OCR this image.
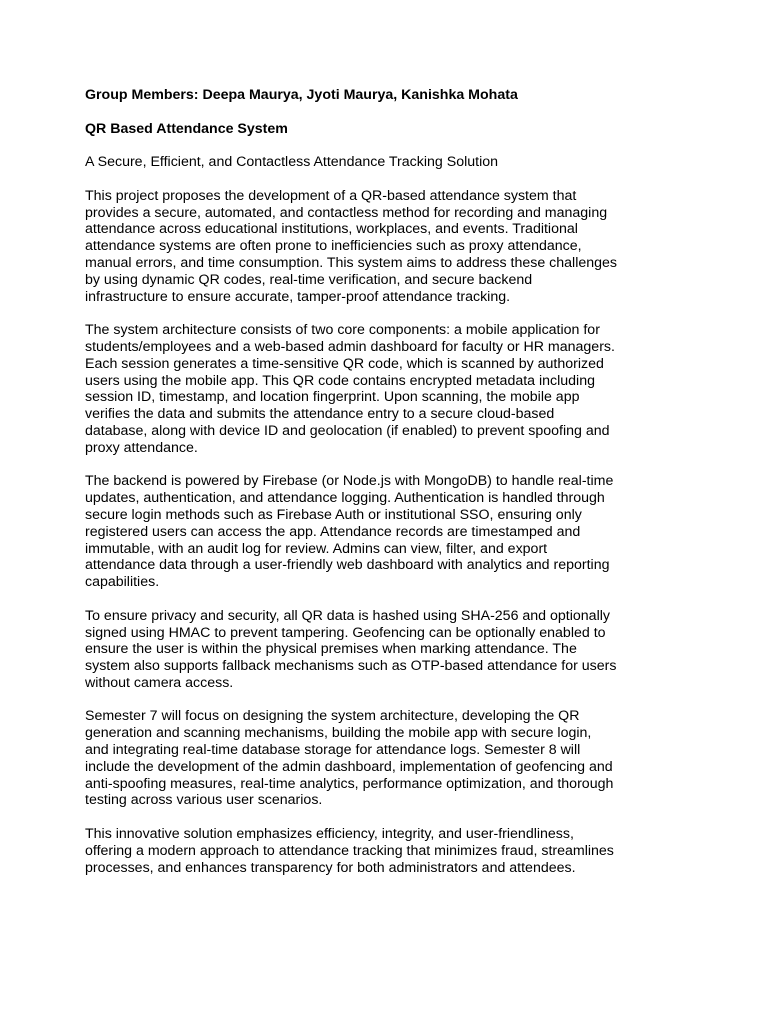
Group Members: Deepa Maurya, Jyoti Maurya, Kanishka Mohata
QR Based Attendance System
A Secure, Efficient, and Contactless Attendance Tracking Solution
This project proposes the development of a QR-based attendance system that
provides a secure, automated, and contactless method for recording and managing
attendance across educational institutions, workplaces, and events. Traditional
attendance systems are often prone to inefficiencies such as proxy attendance,
manual errors, and time consumption. This system aims to address these challenges
by using dynamic QR codes, real-time verification, and secure backend
infrastructure to ensure accurate, tamper-proof attendance tracking.
The system architecture consists of two core components: a mobile application for
students/employees and a web-based admin dashboard for faculty or HR managers.
Each session generates a time-sensitive QR code, which is scanned by authorized
users using the mobile app. This QR code contains encrypted metadata including
session ID, timestamp, and location fingerprint. Upon scanning, the mobile app
verifies the data and submits the attendance entry to a secure cloud-based
database, along with device ID and geolocation (if enabled) to prevent spoofing and
proxy attendance.
The backend is powered by Firebase (or Node.js with MongoDB) to handle real-time
updates, authentication, and attendance logging. Authentication is handled through
secure login methods such as Firebase Auth or institutional SSO, ensuring only
registered users can access the app. Attendance records are timestamped and
immutable, with an audit log for review. Admins can view, filter, and export
attendance data through a user-friendly web dashboard with analytics and reporting
capabilities.
To ensure privacy and security, all QR data is hashed using SHA-256 and optionally
signed using HMAC to prevent tampering. Geofencing can be optionally enabled to
ensure the user is within the physical premises when marking attendance. The
system also supports fallback mechanisms such as OTP-based attendance for users
without camera access.
Semester 7 will focus on designing the system architecture, developing the QR
generation and scanning mechanisms, building the mobile app with secure login,
and integrating real-time database storage for attendance logs. Semester 8 will
include the development of the admin dashboard, implementation of geofencing and
anti-spoofing measures, real-time analytics, performance optimization, and thorough
testing across various user scenarios.
This innovative solution emphasizes efficiency, integrity, and user-friendliness,
offering a modern approach to attendance tracking that minimizes fraud, streamlines
processes, and enhances transparency for both administrators and attendees.
